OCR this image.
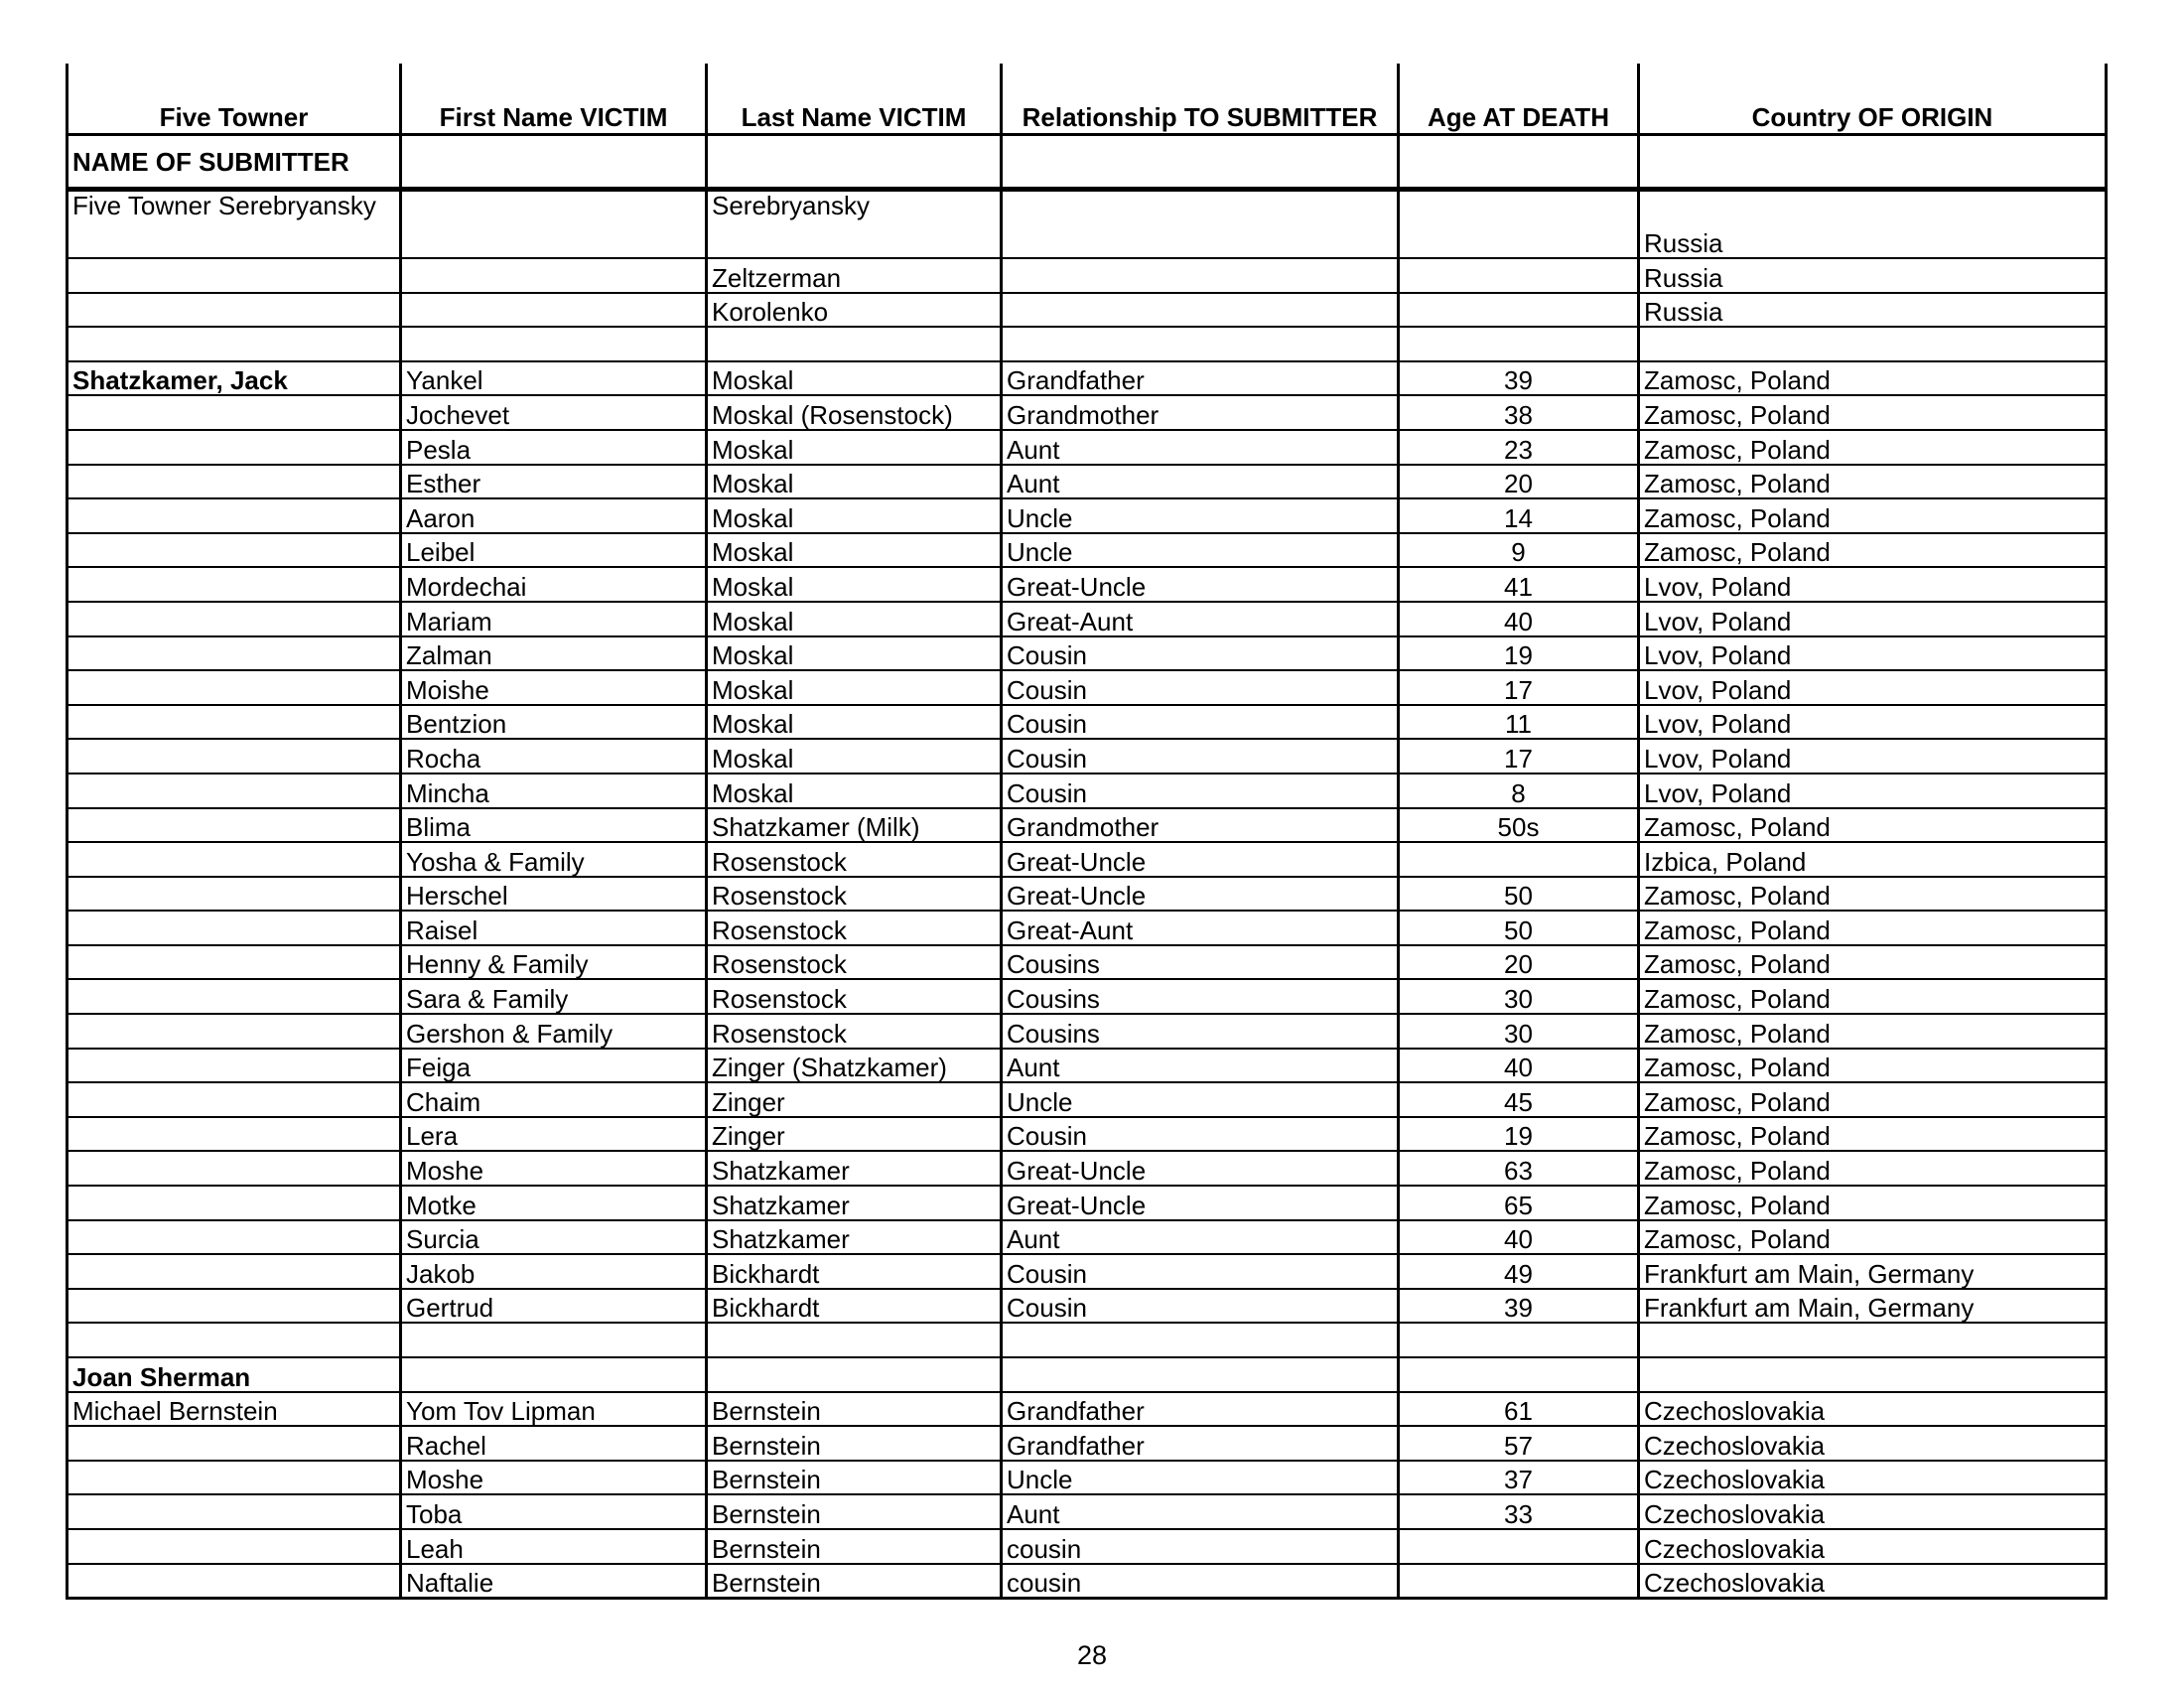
Five Towner	First Name VICTIM	Last Name VICTIM	Relationship TO SUBMITTER	Age AT DEATH	Country OF ORIGIN
NAME OF SUBMITTER					
Five Towner Serebryansky		Serebryansky			Russia
		Zeltzerman			Russia
		Korolenko			Russia

Shatzkamer, Jack	Yankel	Moskal	Grandfather	39	Zamosc, Poland
	Jochevet	Moskal (Rosenstock)	Grandmother	38	Zamosc, Poland
	Pesla	Moskal	Aunt	23	Zamosc, Poland
	Esther	Moskal	Aunt	20	Zamosc, Poland
	Aaron	Moskal	Uncle	14	Zamosc, Poland
	Leibel	Moskal	Uncle	9	Zamosc, Poland
	Mordechai	Moskal	Great-Uncle	41	Lvov, Poland
	Mariam	Moskal	Great-Aunt	40	Lvov, Poland
	Zalman	Moskal	Cousin	19	Lvov, Poland
	Moishe	Moskal	Cousin	17	Lvov, Poland
	Bentzion	Moskal	Cousin	11	Lvov, Poland
	Rocha	Moskal	Cousin	17	Lvov, Poland
	Mincha	Moskal	Cousin	8	Lvov, Poland
	Blima	Shatzkamer (Milk)	Grandmother	50s	Zamosc, Poland
	Yosha & Family	Rosenstock	Great-Uncle		Izbica, Poland
	Herschel	Rosenstock	Great-Uncle	50	Zamosc, Poland
	Raisel	Rosenstock	Great-Aunt	50	Zamosc, Poland
	Henny & Family	Rosenstock	Cousins	20	Zamosc, Poland
	Sara & Family	Rosenstock	Cousins	30	Zamosc, Poland
	Gershon & Family	Rosenstock	Cousins	30	Zamosc, Poland
	Feiga	Zinger (Shatzkamer)	Aunt	40	Zamosc, Poland
	Chaim	Zinger	Uncle	45	Zamosc, Poland
	Lera	Zinger	Cousin	19	Zamosc, Poland
	Moshe	Shatzkamer	Great-Uncle	63	Zamosc, Poland
	Motke	Shatzkamer	Great-Uncle	65	Zamosc, Poland
	Surcia	Shatzkamer	Aunt	40	Zamosc, Poland
	Jakob	Bickhardt	Cousin	49	Frankfurt am Main, Germany
	Gertrud	Bickhardt	Cousin	39	Frankfurt am Main, Germany

Joan Sherman					
Michael Bernstein	Yom Tov Lipman	Bernstein	Grandfather	61	Czechoslovakia
	Rachel	Bernstein	Grandfather	57	Czechoslovakia
	Moshe	Bernstein	Uncle	37	Czechoslovakia
	Toba	Bernstein	Aunt	33	Czechoslovakia
	Leah	Bernstein	cousin		Czechoslovakia
	Naftalie	Bernstein	cousin		Czechoslovakia
28
